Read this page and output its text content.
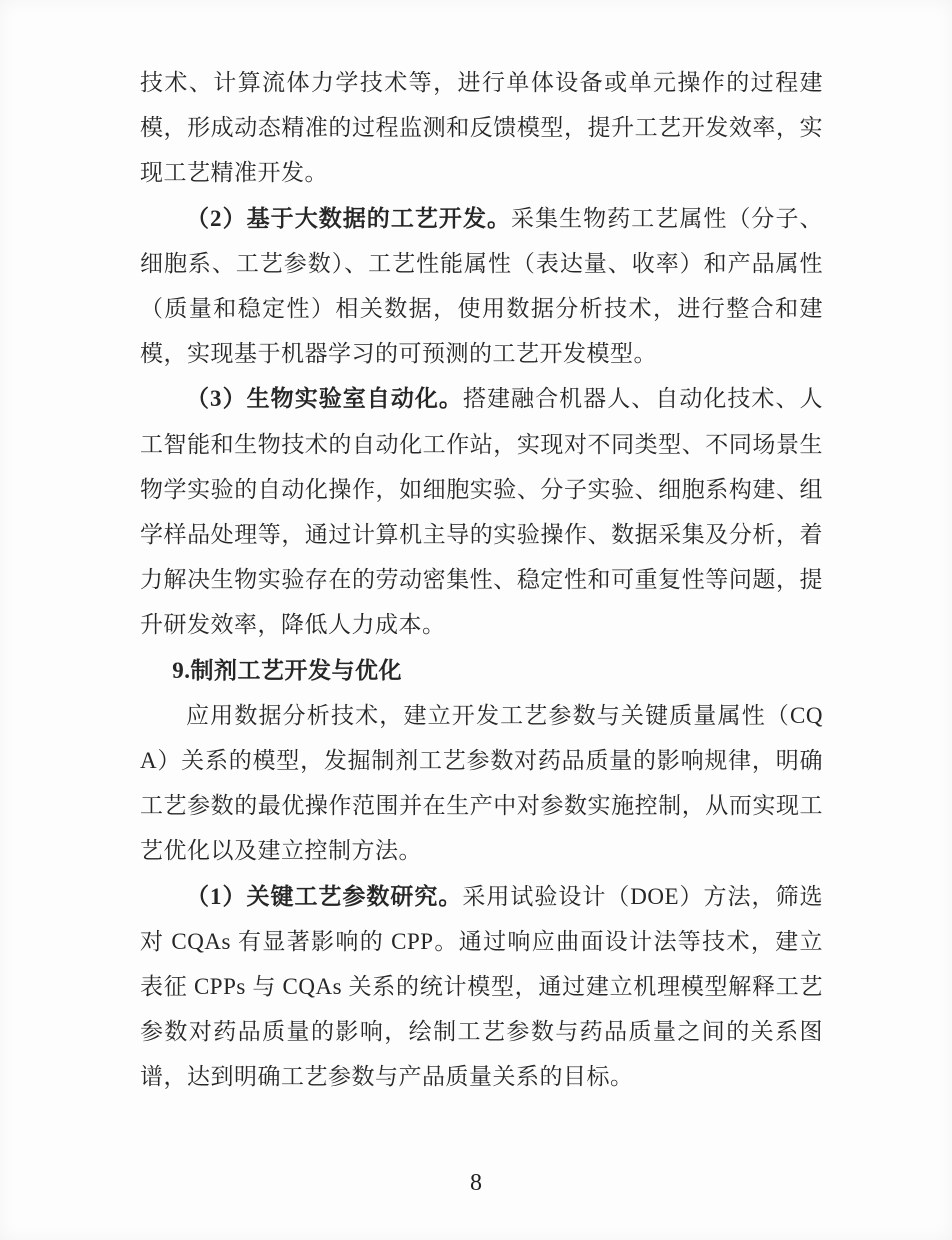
技术、计算流体力学技术等，进行单体设备或单元操作的过程建模，形成动态精准的过程监测和反馈模型，提升工艺开发效率，实现工艺精准开发。

（2）基于大数据的工艺开发。采集生物药工艺属性（分子、细胞系、工艺参数）、工艺性能属性（表达量、收率）和产品属性（质量和稳定性）相关数据，使用数据分析技术，进行整合和建模，实现基于机器学习的可预测的工艺开发模型。

（3）生物实验室自动化。搭建融合机器人、自动化技术、人工智能和生物技术的自动化工作站，实现对不同类型、不同场景生物学实验的自动化操作，如细胞实验、分子实验、细胞系构建、组学样品处理等，通过计算机主导的实验操作、数据采集及分析，着力解决生物实验存在的劳动密集性、稳定性和可重复性等问题，提升研发效率，降低人力成本。

9.制剂工艺开发与优化

应用数据分析技术，建立开发工艺参数与关键质量属性（CQA）关系的模型，发掘制剂工艺参数对药品质量的影响规律，明确工艺参数的最优操作范围并在生产中对参数实施控制，从而实现工艺优化以及建立控制方法。

（1）关键工艺参数研究。采用试验设计（DOE）方法，筛选对 CQAs 有显著影响的 CPP。通过响应曲面设计法等技术，建立表征 CPPs 与 CQAs 关系的统计模型，通过建立机理模型解释工艺参数对药品质量的影响，绘制工艺参数与药品质量之间的关系图谱，达到明确工艺参数与产品质量关系的目标。

8
